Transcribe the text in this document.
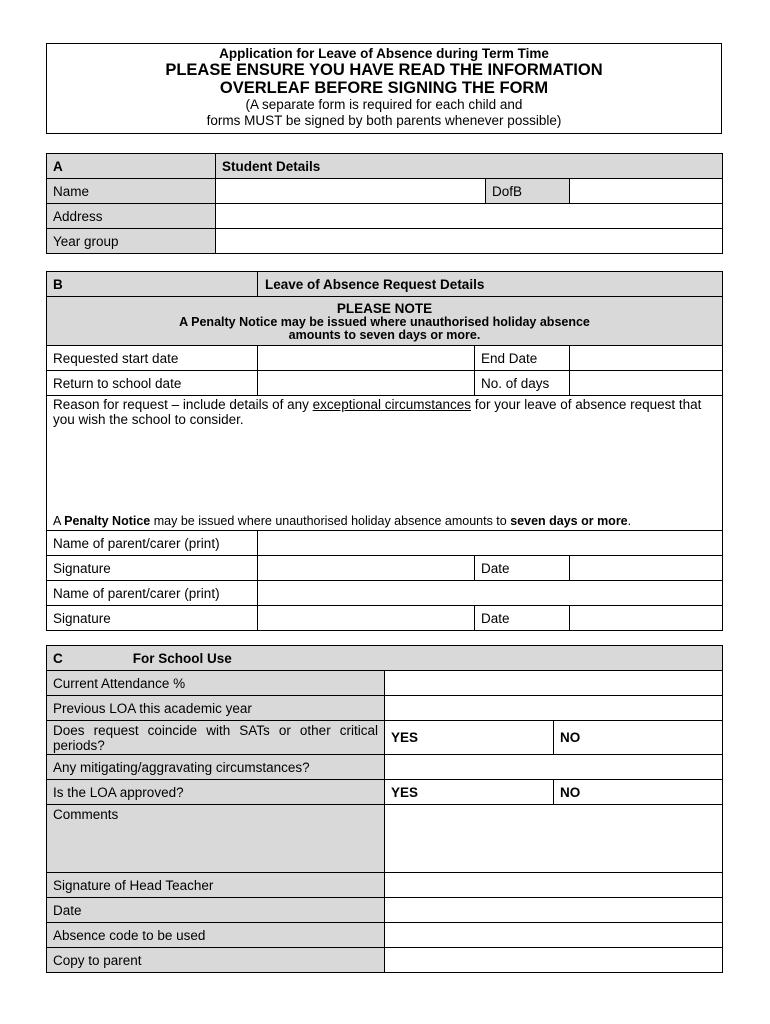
Application for Leave of Absence during Term Time
PLEASE ENSURE YOU HAVE READ THE INFORMATION
OVERLEAF BEFORE SIGNING THE FORM
(A separate form is required for each child and
forms MUST be signed by both parents whenever possible)
A	Student Details		
Name		DofB	
Address			
Year group			
B	Leave of Absence Request Details		

PLEASE NOTE
A Penalty Notice may be issued where unauthorised holiday absence
amounts to seven days or more.			

Requested start date		End Date	
Return to school date		No. of days	

Reason for request – include details of any exceptional circumstances for your leave of absence request that you wish the school to consider.
A Penalty Notice may be issued where unauthorised holiday absence amounts to seven days or more.			

Name of parent/carer (print)			
Signature		Date	
Name of parent/carer (print)			
Signature		Date	
C For School Use		
Current Attendance %		
Previous LOA this academic year		
Does request coincide with SATs or other critical periods?	YES	NO
Any mitigating/aggravating circumstances?		
Is the LOA approved?	YES	NO
Comments		
Signature of Head Teacher		
Date		
Absence code to be used		
Copy to parent		
